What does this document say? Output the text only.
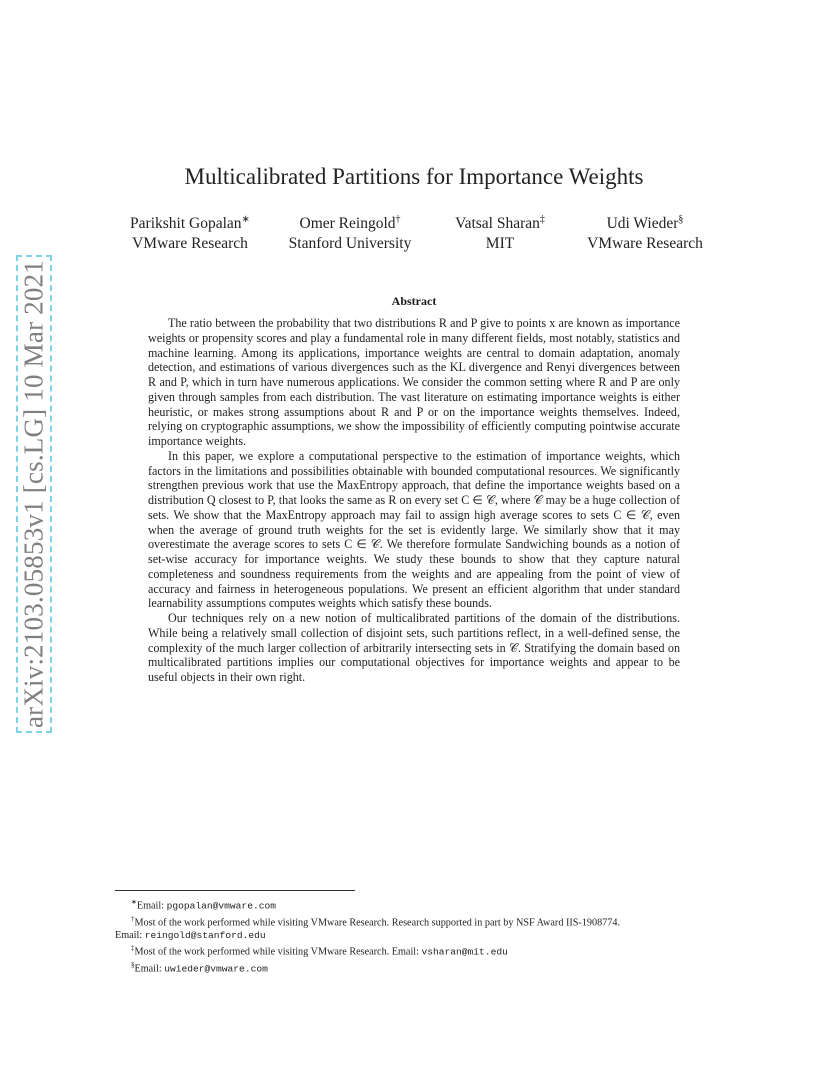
arXiv:2103.05853v1 [cs.LG] 10 Mar 2021
Multicalibrated Partitions for Importance Weights
Parikshit Gopalan∗
VMware Research
Omer Reingold†
Stanford University
Vatsal Sharan‡
MIT
Udi Wieder§
VMware Research
Abstract

The ratio between the probability that two distributions R and P give to points x are known as importance weights or propensity scores and play a fundamental role in many different fields, most notably, statistics and machine learning. Among its applications, importance weights are central to domain adaptation, anomaly detection, and estimations of various divergences such as the KL divergence and Renyi divergences between R and P, which in turn have numerous applications. We consider the common setting where R and P are only given through samples from each distribution. The vast literature on estimating importance weights is either heuristic, or makes strong assumptions about R and P or on the importance weights themselves. Indeed, relying on cryptographic assumptions, we show the impossibility of efficiently computing pointwise accurate importance weights.

In this paper, we explore a computational perspective to the estimation of importance weights, which factors in the limitations and possibilities obtainable with bounded computational resources. We significantly strengthen previous work that use the MaxEntropy approach, that define the importance weights based on a distribution Q closest to P, that looks the same as R on every set C ∈ 𝒞, where 𝒞 may be a huge collection of sets. We show that the MaxEntropy approach may fail to assign high average scores to sets C ∈ 𝒞, even when the average of ground truth weights for the set is evidently large. We similarly show that it may overestimate the average scores to sets C ∈ 𝒞. We therefore formulate Sandwiching bounds as a notion of set-wise accuracy for importance weights. We study these bounds to show that they capture natural completeness and soundness requirements from the weights and are appealing from the point of view of accuracy and fairness in heterogeneous populations. We present an efficient algorithm that under standard learnability assumptions computes weights which satisfy these bounds.

Our techniques rely on a new notion of multicalibrated partitions of the domain of the distributions. While being a relatively small collection of disjoint sets, such partitions reflect, in a well-defined sense, the complexity of the much larger collection of arbitrarily intersecting sets in 𝒞. Stratifying the domain based on multicalibrated partitions implies our computational objectives for importance weights and appear to be useful objects in their own right.

∗Email: pgopalan@vmware.com
†Most of the work performed while visiting VMware Research. Research supported in part by NSF Award IIS-1908774.
Email: reingold@stanford.edu
‡Most of the work performed while visiting VMware Research. Email: vsharan@mit.edu
§Email: uwieder@vmware.com
